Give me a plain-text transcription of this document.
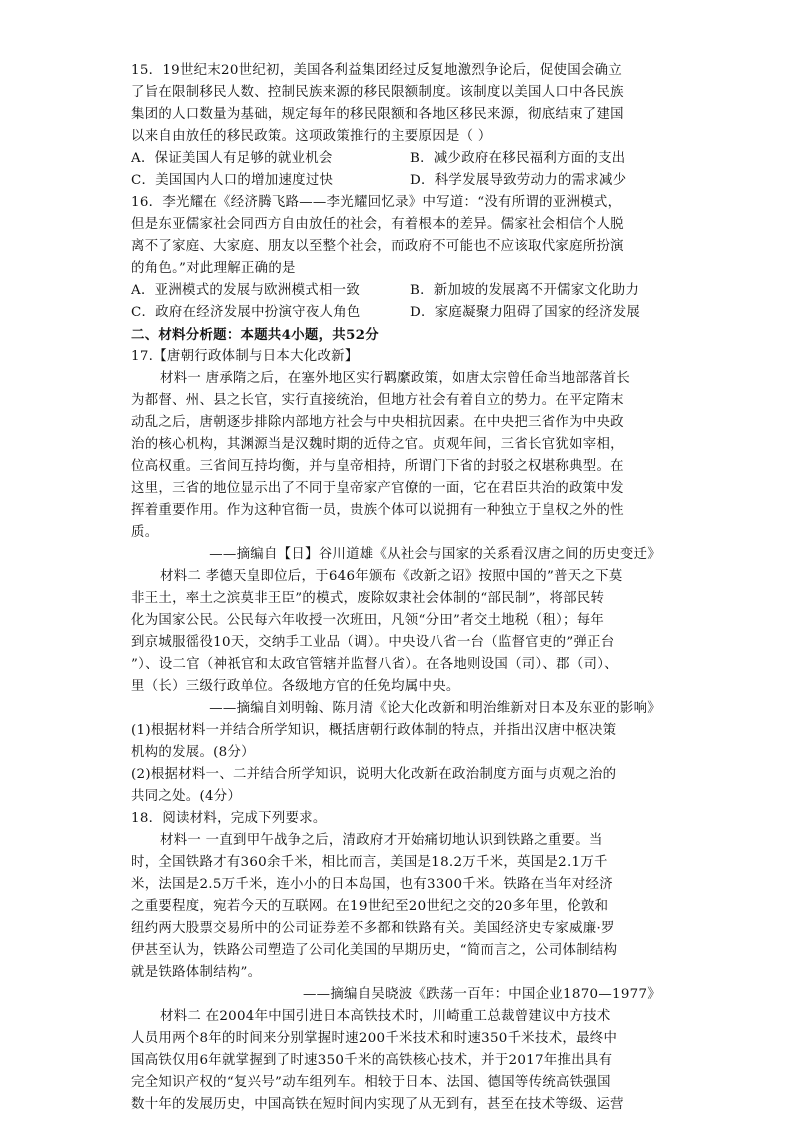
15．19世纪末20世纪初，美国各利益集团经过反复地激烈争论后，促使国会确立
了旨在限制移民人数、控制民族来源的移民限额制度。该制度以美国人口中各民族
集团的人口数量为基础，规定每年的移民限额和各地区移民来源，彻底结束了建国
以来自由放任的移民政策。这项政策推行的主要原因是（ ）
A．保证美国人有足够的就业机会	B．减少政府在移民福利方面的支出
C．美国国内人口的增加速度过快	D．科学发展导致劳动力的需求减少
16．李光耀在《经济腾飞路——李光耀回忆录》中写道：“没有所谓的亚洲模式，
但是东亚儒家社会同西方自由放任的社会，有着根本的差异。儒家社会相信个人脱
离不了家庭、大家庭、朋友以至整个社会，而政府不可能也不应该取代家庭所扮演
的角色。”对此理解正确的是
A．亚洲模式的发展与欧洲模式相一致	B．新加坡的发展离不开儒家文化助力
C．政府在经济发展中扮演守夜人角色	D．家庭凝聚力阻碍了国家的经济发展
二、材料分析题：本题共4小题，共52分
17.【唐朝行政体制与日本大化改新】
材料一 唐承隋之后，在塞外地区实行羁縻政策，如唐太宗曾任命当地部落首长
为都督、州、县之长官，实行直接统治，但地方社会有着自立的势力。在平定隋末
动乱之后，唐朝逐步排除内部地方社会与中央相抗因素。在中央把三省作为中央政
治的核心机构，其渊源当是汉魏时期的近侍之官。贞观年间，三省长官犹如宰相，
位高权重。三省间互持均衡，并与皇帝相持，所谓门下省的封驳之权堪称典型。在
这里，三省的地位显示出了不同于皇帝家产官僚的一面，它在君臣共治的政策中发
挥着重要作用。作为这种官衙一员，贵族个体可以说拥有一种独立于皇权之外的性
质。
——摘编自【日】谷川道雄《从社会与国家的关系看汉唐之间的历史变迁》
材料二 孝德天皇即位后，于646年颁布《改新之诏》按照中国的”普天之下莫
非王土，率土之滨莫非王臣”的模式，废除奴隶社会体制的“部民制”，将部民转
化为国家公民。公民每六年收授一次班田，凡领“分田”者交土地税（租）；每年
到京城服徭役10天，交纳手工业品（调）。中央设八省一台（监督官吏的”弹正台
”）、设二官（神祇官和太政官管辖并监督八省）。在各地则设国（司）、郡（司）、
里（长）三级行政单位。各级地方官的任免均属中央。
——摘编自刘明翰、陈月清《论大化改新和明治维新对日本及东亚的影响》
(1)根据材料一并结合所学知识，概括唐朝行政体制的特点，并指出汉唐中枢决策
机构的发展。(8分）
(2)根据材料一、二并结合所学知识，说明大化改新在政治制度方面与贞观之治的
共同之处。(4分）
18．阅读材料，完成下列要求。
材料一 一直到甲午战争之后，清政府才开始痛切地认识到铁路之重要。当
时，全国铁路才有360余千米，相比而言，美国是18.2万千米，英国是2.1万千
米，法国是2.5万千米，连小小的日本岛国，也有3300千米。铁路在当年对经济
之重要程度，宛若今天的互联网。在19世纪至20世纪之交的20多年里，伦敦和
纽约两大股票交易所中的公司证券差不多都和铁路有关。美国经济史专家威廉·罗
伊甚至认为，铁路公司塑造了公司化美国的早期历史，“简而言之，公司体制结构
就是铁路体制结构”。
——摘编自吴晓波《跌荡一百年：中国企业1870—1977》
材料二 在2004年中国引进日本高铁技术时，川崎重工总裁曾建议中方技术
人员用两个8年的时间来分别掌握时速200千米技术和时速350千米技术，最终中
国高铁仅用6年就掌握到了时速350千米的高铁核心技术，并于2017年推出具有
完全知识产权的“复兴号”动车组列车。相较于日本、法国、德国等传统高铁强国
数十年的发展历史，中国高铁在短时间内实现了从无到有，甚至在技术等级、运营
